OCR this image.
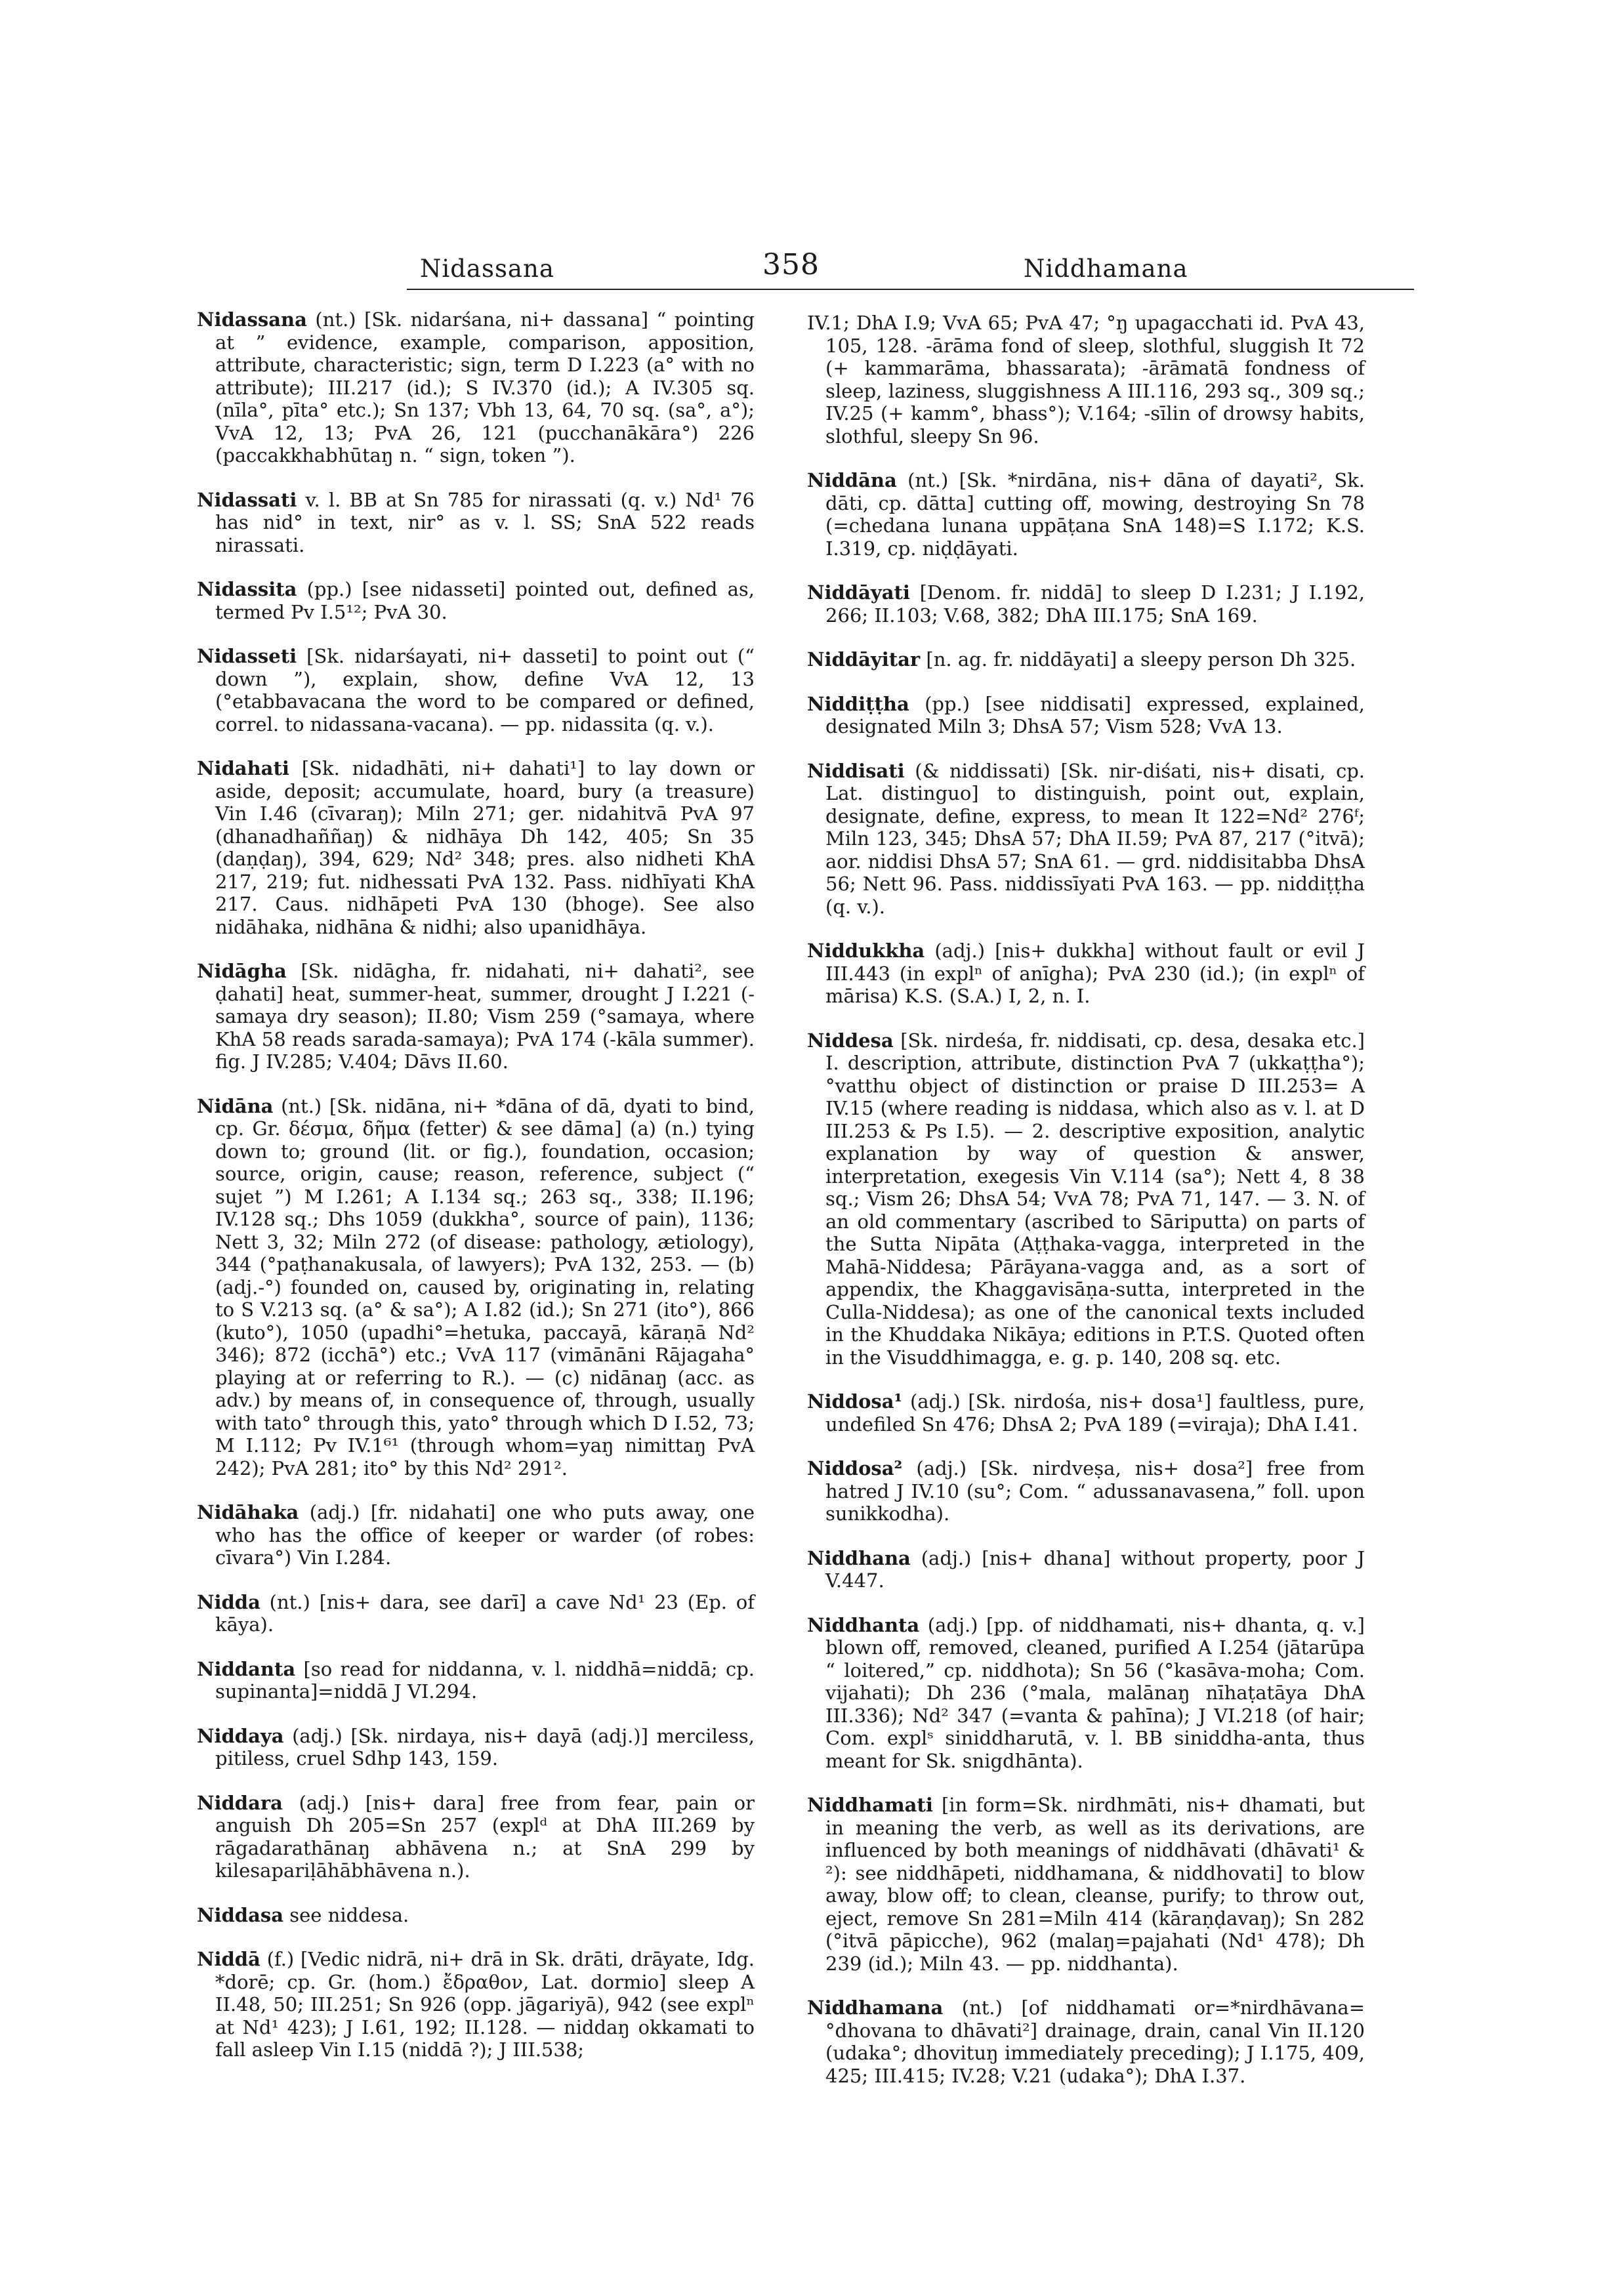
Nidassana	358	Niddhamana

Nidassana (nt.) [Sk. nidarśana, ni+ dassana] “ pointing at ” evidence, example, comparison, apposition, attribute, characteristic; sign, term D I.223 (a° with no attribute); III.217 (id.); S IV.370 (id.); A IV.305 sq. (nīla°, pīta° etc.); Sn 137; Vbh 13, 64, 70 sq. (sa°, a°); VvA 12, 13; PvA 26, 121 (pucchanākāra°) 226 (paccakkhabhūtaŋ n. “ sign, token ”).

Nidassati v. l. BB at Sn 785 for nirassati (q. v.) Nd¹ 76 has nid° in text, nir° as v. l. SS; SnA 522 reads nirassati.

Nidassita (pp.) [see nidasseti] pointed out, defined as, termed Pv I.5¹²; PvA 30.

Nidasseti [Sk. nidarśayati, ni+ dasseti] to point out (“ down ”), explain, show, define VvA 12, 13 (°etabbavacana the word to be compared or defined, correl. to nidassana-vacana). — pp. nidassita (q. v.).

Nidahati [Sk. nidadhāti, ni+ dahati¹] to lay down or aside, deposit; accumulate, hoard, bury (a treasure) Vin I.46 (cīvaraŋ); Miln 271; ger. nidahitvā PvA 97 (dhanadhaññaŋ) & nidhāya Dh 142, 405; Sn 35 (daṇḍaŋ), 394, 629; Nd² 348; pres. also nidheti KhA 217, 219; fut. nidhessati PvA 132. Pass. nidhīyati KhA 217. Caus. nidhāpeti PvA 130 (bhoge). See also nidāhaka, nidhāna & nidhi; also upanidhāya.

Nidāgha [Sk. nidāgha, fr. nidahati, ni+ dahati², see ḍahati] heat, summer-heat, summer, drought J I.221 (-samaya dry season); II.80; Vism 259 (°samaya, where KhA 58 reads sarada-samaya); PvA 174 (-kāla summer). fig. J IV.285; V.404; Dāvs II.60.

Nidāna (nt.) [Sk. nidāna, ni+ *dāna of dā, dyati to bind, cp. Gr. δέσμα, δῆμα (fetter) & see dāma] (a) (n.) tying down to; ground (lit. or fig.), foundation, occasion; source, origin, cause; reason, reference, subject (“ sujet ”) M I.261; A I.134 sq.; 263 sq., 338; II.196; IV.128 sq.; Dhs 1059 (dukkha°, source of pain), 1136; Nett 3, 32; Miln 272 (of disease: pathology, ætiology), 344 (°paṭhanakusala, of lawyers); PvA 132, 253. — (b) (adj.-°) founded on, caused by, originating in, relating to S V.213 sq. (a° & sa°); A I.82 (id.); Sn 271 (ito°), 866 (kuto°), 1050 (upadhi°=hetuka, paccayā, kāraṇā Nd² 346); 872 (icchā°) etc.; VvA 117 (vimānāni Rājagaha° playing at or referring to R.). — (c) nidānaŋ (acc. as adv.) by means of, in consequence of, through, usually with tato° through this, yato° through which D I.52, 73; M I.112; Pv IV.1⁶¹ (through whom=yaŋ nimittaŋ PvA 242); PvA 281; ito° by this Nd² 291².

Nidāhaka (adj.) [fr. nidahati] one who puts away, one who has the office of keeper or warder (of robes: cīvara°) Vin I.284.

Nidda (nt.) [nis+ dara, see darī] a cave Nd¹ 23 (Ep. of kāya).

Niddanta [so read for niddanna, v. l. niddhā=niddā; cp. supinanta]=niddā J VI.294.

Niddaya (adj.) [Sk. nirdaya, nis+ dayā (adj.)] merciless, pitiless, cruel Sdhp 143, 159.

Niddara (adj.) [nis+ dara] free from fear, pain or anguish Dh 205=Sn 257 (explᵈ at DhA III.269 by rāgadarathānaŋ abhāvena n.; at SnA 299 by kilesapariḷāhābhāvena n.).

Niddasa see niddesa.

Niddā (f.) [Vedic nidrā, ni+ drā in Sk. drāti, drāyate, Idg. *dorē; cp. Gr. (hom.) ἔδραθον, Lat. dormio] sleep A II.48, 50; III.251; Sn 926 (opp. jāgariyā), 942 (see explⁿ at Nd¹ 423); J I.61, 192; II.128. — niddaŋ okkamati to fall asleep Vin I.15 (niddā ?); J III.538;

IV.1; DhA I.9; VvA 65; PvA 47; °ŋ upagacchati id. PvA 43, 105, 128. -ārāma fond of sleep, slothful, sluggish It 72 (+ kammarāma, bhassarata); -ārāmatā fondness of sleep, laziness, sluggishness A III.116, 293 sq., 309 sq.; IV.25 (+ kamm°, bhass°); V.164; -sīlin of drowsy habits, slothful, sleepy Sn 96.

Niddāna (nt.) [Sk. *nirdāna, nis+ dāna of dayati², Sk. dāti, cp. dātta] cutting off, mowing, destroying Sn 78 (=chedana lunana uppāṭana SnA 148)=S I.172; K.S. I.319, cp. niḍḍāyati.

Niddāyati [Denom. fr. niddā] to sleep D I.231; J I.192, 266; II.103; V.68, 382; DhA III.175; SnA 169.

Niddāyitar [n. ag. fr. niddāyati] a sleepy person Dh 325.

Niddiṭṭha (pp.) [see niddisati] expressed, explained, designated Miln 3; DhsA 57; Vism 528; VvA 13.

Niddisati (& niddissati) [Sk. nir-diśati, nis+ disati, cp. Lat. distinguo] to distinguish, point out, explain, designate, define, express, to mean It 122=Nd² 276ᶠ; Miln 123, 345; DhsA 57; DhA II.59; PvA 87, 217 (°itvā); aor. niddisi DhsA 57; SnA 61. — grd. niddisitabba DhsA 56; Nett 96. Pass. niddissīyati PvA 163. — pp. niddiṭṭha (q. v.).

Niddukkha (adj.) [nis+ dukkha] without fault or evil J III.443 (in explⁿ of anīgha); PvA 230 (id.); (in explⁿ of mārisa) K.S. (S.A.) I, 2, n. I.

Niddesa [Sk. nirdeśa, fr. niddisati, cp. desa, desaka etc.] I. description, attribute, distinction PvA 7 (ukkaṭṭha°); °vatthu object of distinction or praise D III.253= A IV.15 (where reading is niddasa, which also as v. l. at D III.253 & Ps I.5). — 2. descriptive exposition, analytic explanation by way of question & answer, interpretation, exegesis Vin V.114 (sa°); Nett 4, 8 38 sq.; Vism 26; DhsA 54; VvA 78; PvA 71, 147. — 3. N. of an old commentary (ascribed to Sāriputta) on parts of the Sutta Nipāta (Aṭṭhaka-vagga, interpreted in the Mahā-Niddesa; Pārāyana-vagga and, as a sort of appendix, the Khaggavisāṇa-sutta, interpreted in the Culla-Niddesa); as one of the canonical texts included in the Khuddaka Nikāya; editions in P.T.S. Quoted often in the Visuddhimagga, e. g. p. 140, 208 sq. etc.

Niddosa¹ (adj.) [Sk. nirdośa, nis+ dosa¹] faultless, pure, undefiled Sn 476; DhsA 2; PvA 189 (=viraja); DhA I.41.

Niddosa² (adj.) [Sk. nirdveṣa, nis+ dosa²] free from hatred J IV.10 (su°; Com. “ adussanavasena,” foll. upon sunikkodha).

Niddhana (adj.) [nis+ dhana] without property, poor J V.447.

Niddhanta (adj.) [pp. of niddhamati, nis+ dhanta, q. v.] blown off, removed, cleaned, purified A I.254 (jātarūpa “ loitered,” cp. niddhota); Sn 56 (°kasāva-moha; Com. vijahati); Dh 236 (°mala, malānaŋ nīhaṭatāya DhA III.336); Nd² 347 (=vanta & pahīna); J VI.218 (of hair; Com. explˢ siniddharutā, v. l. BB siniddha-anta, thus meant for Sk. snigdhānta).

Niddhamati [in form=Sk. nirdhmāti, nis+ dhamati, but in meaning the verb, as well as its derivations, are influenced by both meanings of niddhāvati (dhāvati¹ & ²): see niddhāpeti, niddhamana, & niddhovati] to blow away, blow off; to clean, cleanse, purify; to throw out, eject, remove Sn 281=Miln 414 (kāraṇḍavaŋ); Sn 282 (°itvā pāpicche), 962 (malaŋ=pajahati (Nd¹ 478); Dh 239 (id.); Miln 43. — pp. niddhanta).

Niddhamana (nt.) [of niddhamati or=*nirdhāvana= °dhovana to dhāvati²] drainage, drain, canal Vin II.120 (udaka°; dhovituŋ immediately preceding); J I.175, 409, 425; III.415; IV.28; V.21 (udaka°); DhA I.37.
